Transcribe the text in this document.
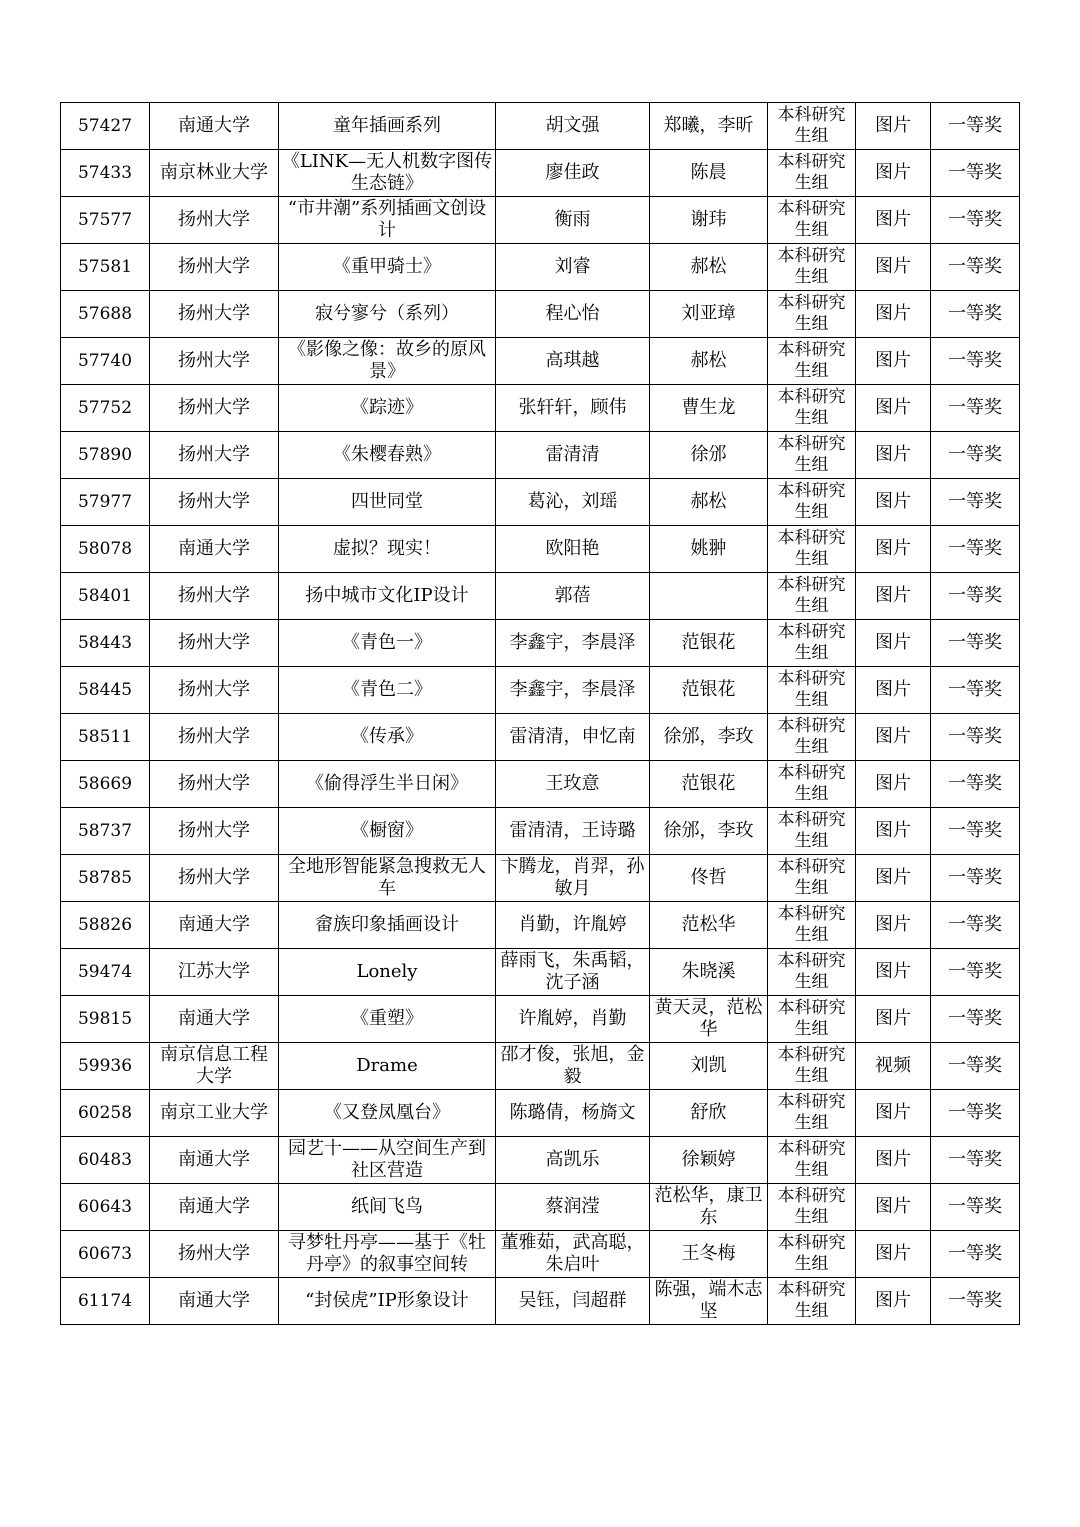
57427	南通大学	童年插画系列	胡文强	郑曦，李昕	本科研究生组	图片	一等奖
57433	南京林业大学	《LINK—无人机数字图传生态链》	廖佳政	陈晨	本科研究生组	图片	一等奖
57577	扬州大学	“市井潮”系列插画文创设计	衡雨	谢玮	本科研究生组	图片	一等奖
57581	扬州大学	《重甲骑士》	刘睿	郝松	本科研究生组	图片	一等奖
57688	扬州大学	寂兮寥兮（系列）	程心怡	刘亚璋	本科研究生组	图片	一等奖
57740	扬州大学	《影像之像：故乡的原风景》	高琪越	郝松	本科研究生组	图片	一等奖
57752	扬州大学	《踪迹》	张轩轩，顾伟	曹生龙	本科研究生组	图片	一等奖
57890	扬州大学	《朱樱春熟》	雷清清	徐邠	本科研究生组	图片	一等奖
57977	扬州大学	四世同堂	葛沁，刘瑶	郝松	本科研究生组	图片	一等奖
58078	南通大学	虚拟？现实！	欧阳艳	姚翀	本科研究生组	图片	一等奖
58401	扬州大学	扬中城市文化IP设计	郭蓓		本科研究生组	图片	一等奖
58443	扬州大学	《青色一》	李鑫宇，李晨泽	范银花	本科研究生组	图片	一等奖
58445	扬州大学	《青色二》	李鑫宇，李晨泽	范银花	本科研究生组	图片	一等奖
58511	扬州大学	《传承》	雷清清，申忆南	徐邠，李玫	本科研究生组	图片	一等奖
58669	扬州大学	《偷得浮生半日闲》	王玫意	范银花	本科研究生组	图片	一等奖
58737	扬州大学	《橱窗》	雷清清，王诗璐	徐邠，李玫	本科研究生组	图片	一等奖
58785	扬州大学	全地形智能紧急搜救无人车	卞腾龙，肖羿，孙敏月	佟哲	本科研究生组	图片	一等奖
58826	南通大学	畲族印象插画设计	肖勤，许胤婷	范松华	本科研究生组	图片	一等奖
59474	江苏大学	Lonely	薛雨飞，朱禹韬，沈子涵	朱晓溪	本科研究生组	图片	一等奖
59815	南通大学	《重塑》	许胤婷，肖勤	黄天灵，范松华	本科研究生组	图片	一等奖
59936	南京信息工程大学	Drame	邵才俊，张旭，金毅	刘凯	本科研究生组	视频	一等奖
60258	南京工业大学	《又登凤凰台》	陈璐倩，杨旖文	舒欣	本科研究生组	图片	一等奖
60483	南通大学	园艺十——从空间生产到社区营造	高凯乐	徐颖婷	本科研究生组	图片	一等奖
60643	南通大学	纸间飞鸟	蔡润滢	范松华，康卫东	本科研究生组	图片	一等奖
60673	扬州大学	寻梦牡丹亭——基于《牡丹亭》的叙事空间转	董雅茹，武高聪，朱启叶	王冬梅	本科研究生组	图片	一等奖
61174	南通大学	“封侯虎”IP形象设计	吴钰，闫超群	陈强，端木志坚	本科研究生组	图片	一等奖
